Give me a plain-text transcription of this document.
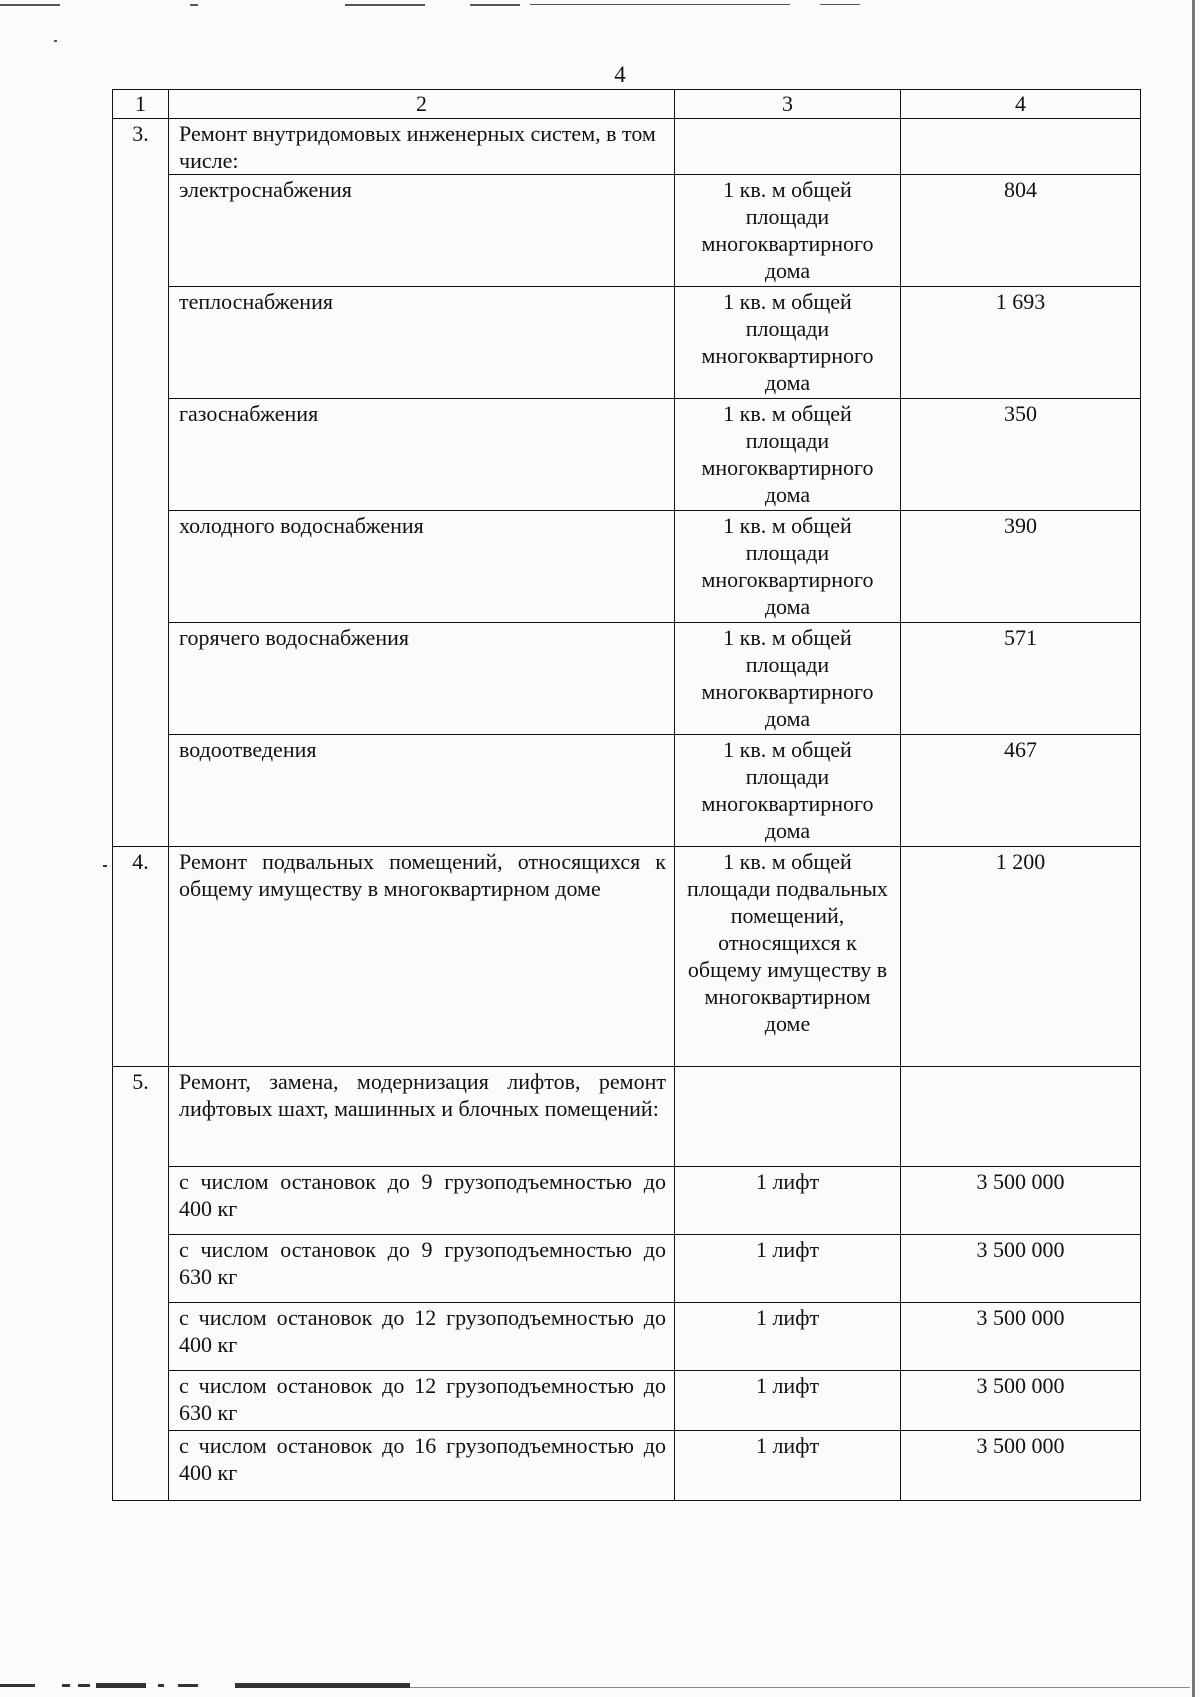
4
1	2	3	4
3.	Ремонт внутридомовых инженерных систем, в том числе:		
	электроснабжения	1 кв. м общей площади многоквартирного дома	804
	теплоснабжения	1 кв. м общей площади многоквартирного дома	1 693
	газоснабжения	1 кв. м общей площади многоквартирного дома	350
	холодного водоснабжения	1 кв. м общей площади многоквартирного дома	390
	горячего водоснабжения	1 кв. м общей площади многоквартирного дома	571
	водоотведения	1 кв. м общей площади многоквартирного дома	467
4.	Ремонт подвальных помещений, относящихся к общему имуществу в многоквартирном доме	1 кв. м общей площади подвальных помещений, относящихся к общему имуществу в многоквартирном доме	1 200
5.	Ремонт, замена, модернизация лифтов, ремонт лифтовых шахт, машинных и блочных помещений:		
	с числом остановок до 9 грузоподъемностью до 400 кг	1 лифт	3 500 000
	с числом остановок до 9 грузоподъемностью до 630 кг	1 лифт	3 500 000
	с числом остановок до 12 грузоподъемностью до 400 кг	1 лифт	3 500 000
	с числом остановок до 12 грузоподъемностью до 630 кг	1 лифт	3 500 000
	с числом остановок до 16 грузоподъемностью до 400 кг	1 лифт	3 500 000
